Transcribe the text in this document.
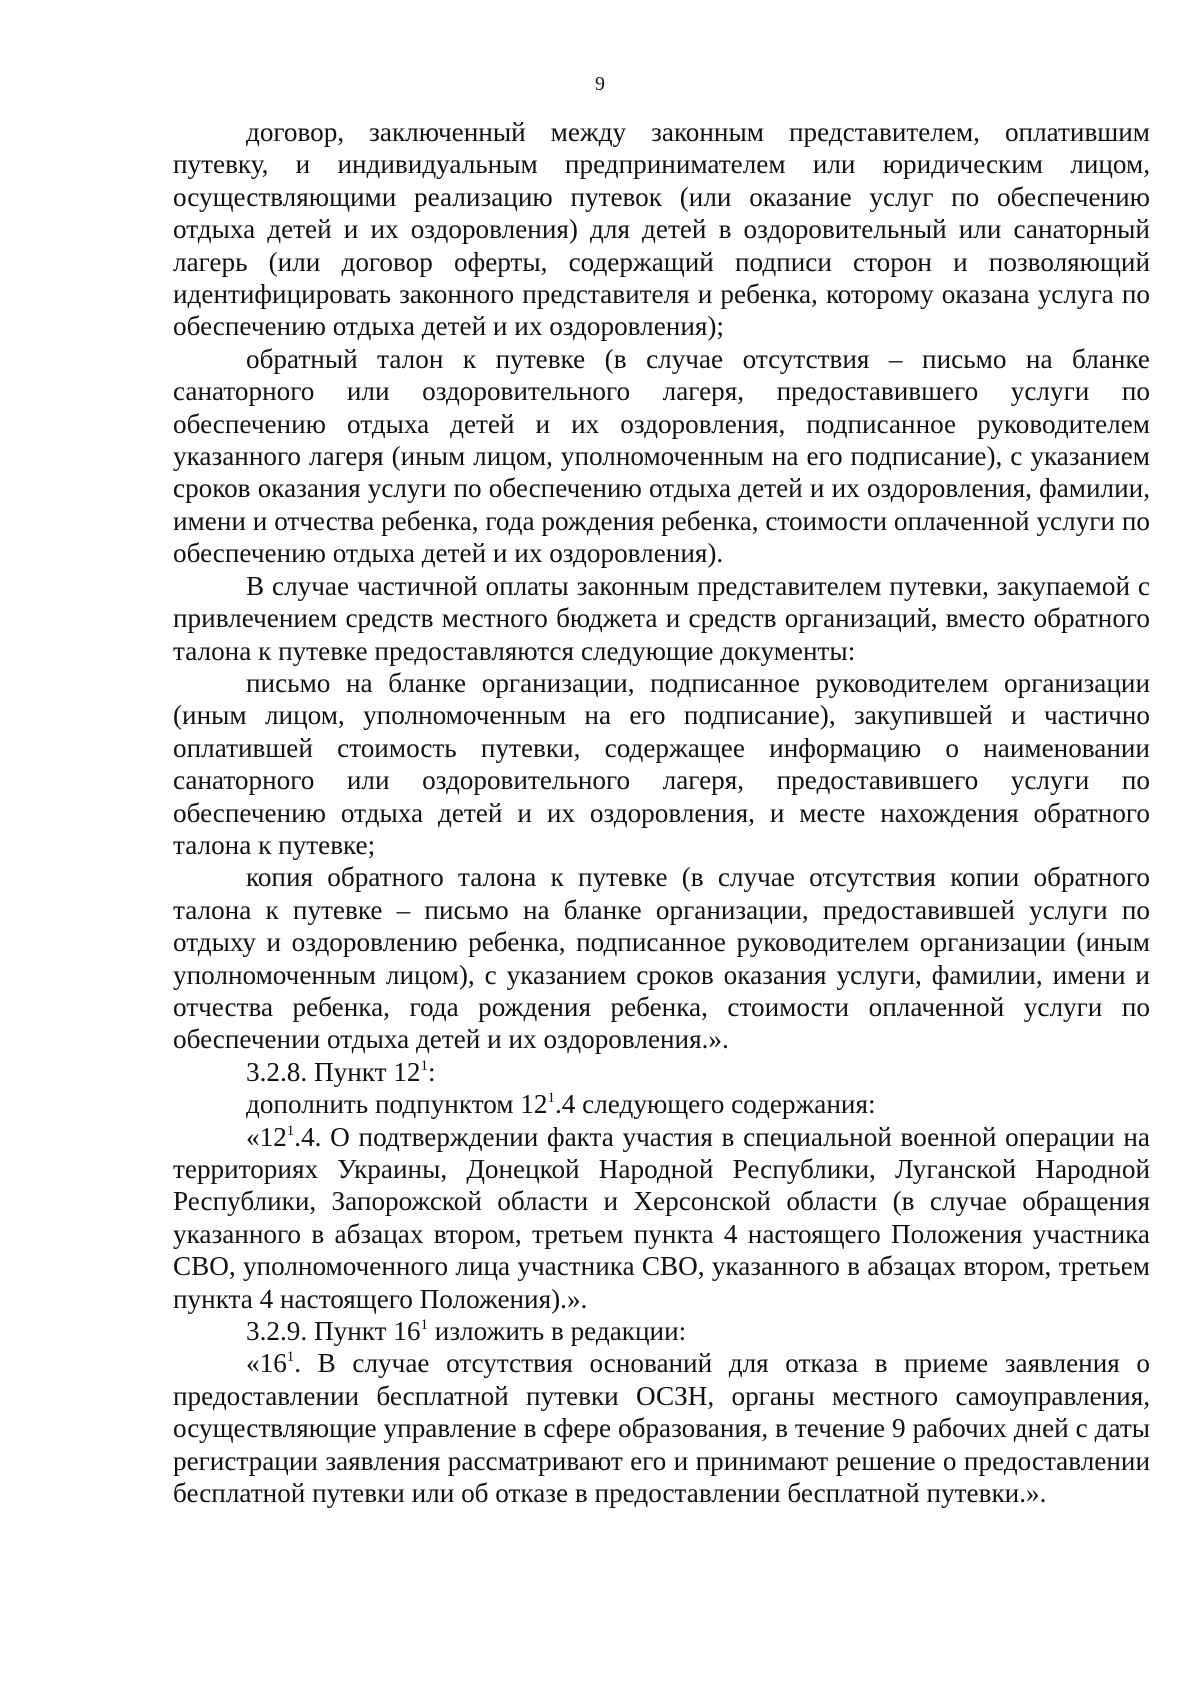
9

договор, заключенный между законным представителем, оплатившим путевку, и индивидуальным предпринимателем или юридическим лицом, осуществляющими реализацию путевок (или оказание услуг по обеспечению отдыха детей и их оздоровления) для детей в оздоровительный или санаторный лагерь (или договор оферты, содержащий подписи сторон и позволяющий идентифицировать законного представителя и ребенка, которому оказана услуга по обеспечению отдыха детей и их оздоровления);

обратный талон к путевке (в случае отсутствия – письмо на бланке санаторного или оздоровительного лагеря, предоставившего услуги по обеспечению отдыха детей и их оздоровления, подписанное руководителем указанного лагеря (иным лицом, уполномоченным на его подписание), с указанием сроков оказания услуги по обеспечению отдыха детей и их оздоровления, фамилии, имени и отчества ребенка, года рождения ребенка, стоимости оплаченной услуги по обеспечению отдыха детей и их оздоровления).

В случае частичной оплаты законным представителем путевки, закупаемой с привлечением средств местного бюджета и средств организаций, вместо обратного талона к путевке предоставляются следующие документы:

письмо на бланке организации, подписанное руководителем организации (иным лицом, уполномоченным на его подписание), закупившей и частично оплатившей стоимость путевки, содержащее информацию о наименовании санаторного или оздоровительного лагеря, предоставившего услуги по обеспечению отдыха детей и их оздоровления, и месте нахождения обратного талона к путевке;

копия обратного талона к путевке (в случае отсутствия копии обратного талона к путевке – письмо на бланке организации, предоставившей услуги по отдыху и оздоровлению ребенка, подписанное руководителем организации (иным уполномоченным лицом), с указанием сроков оказания услуги, фамилии, имени и отчества ребенка, года рождения ребенка, стоимости оплаченной услуги по обеспечении отдыха детей и их оздоровления.».

3.2.8. Пункт $12^1$:

дополнить подпунктом $12^1.4$ следующего содержания:

«$12^1.4$. О подтверждении факта участия в специальной военной операции на территориях Украины, Донецкой Народной Республики, Луганской Народной Республики, Запорожской области и Херсонской области (в случае обращения указанного в абзацах втором, третьем пункта 4 настоящего Положения участника СВО, уполномоченного лица участника СВО, указанного в абзацах втором, третьем пункта 4 настоящего Положения).».

3.2.9. Пункт $16^1$ изложить в редакции:

«$16^1$. В случае отсутствия оснований для отказа в приеме заявления о предоставлении бесплатной путевки ОСЗН, органы местного самоуправления, осуществляющие управление в сфере образования, в течение 9 рабочих дней с даты регистрации заявления рассматривают его и принимают решение о предоставлении бесплатной путевки или об отказе в предоставлении бесплатной путевки.».
